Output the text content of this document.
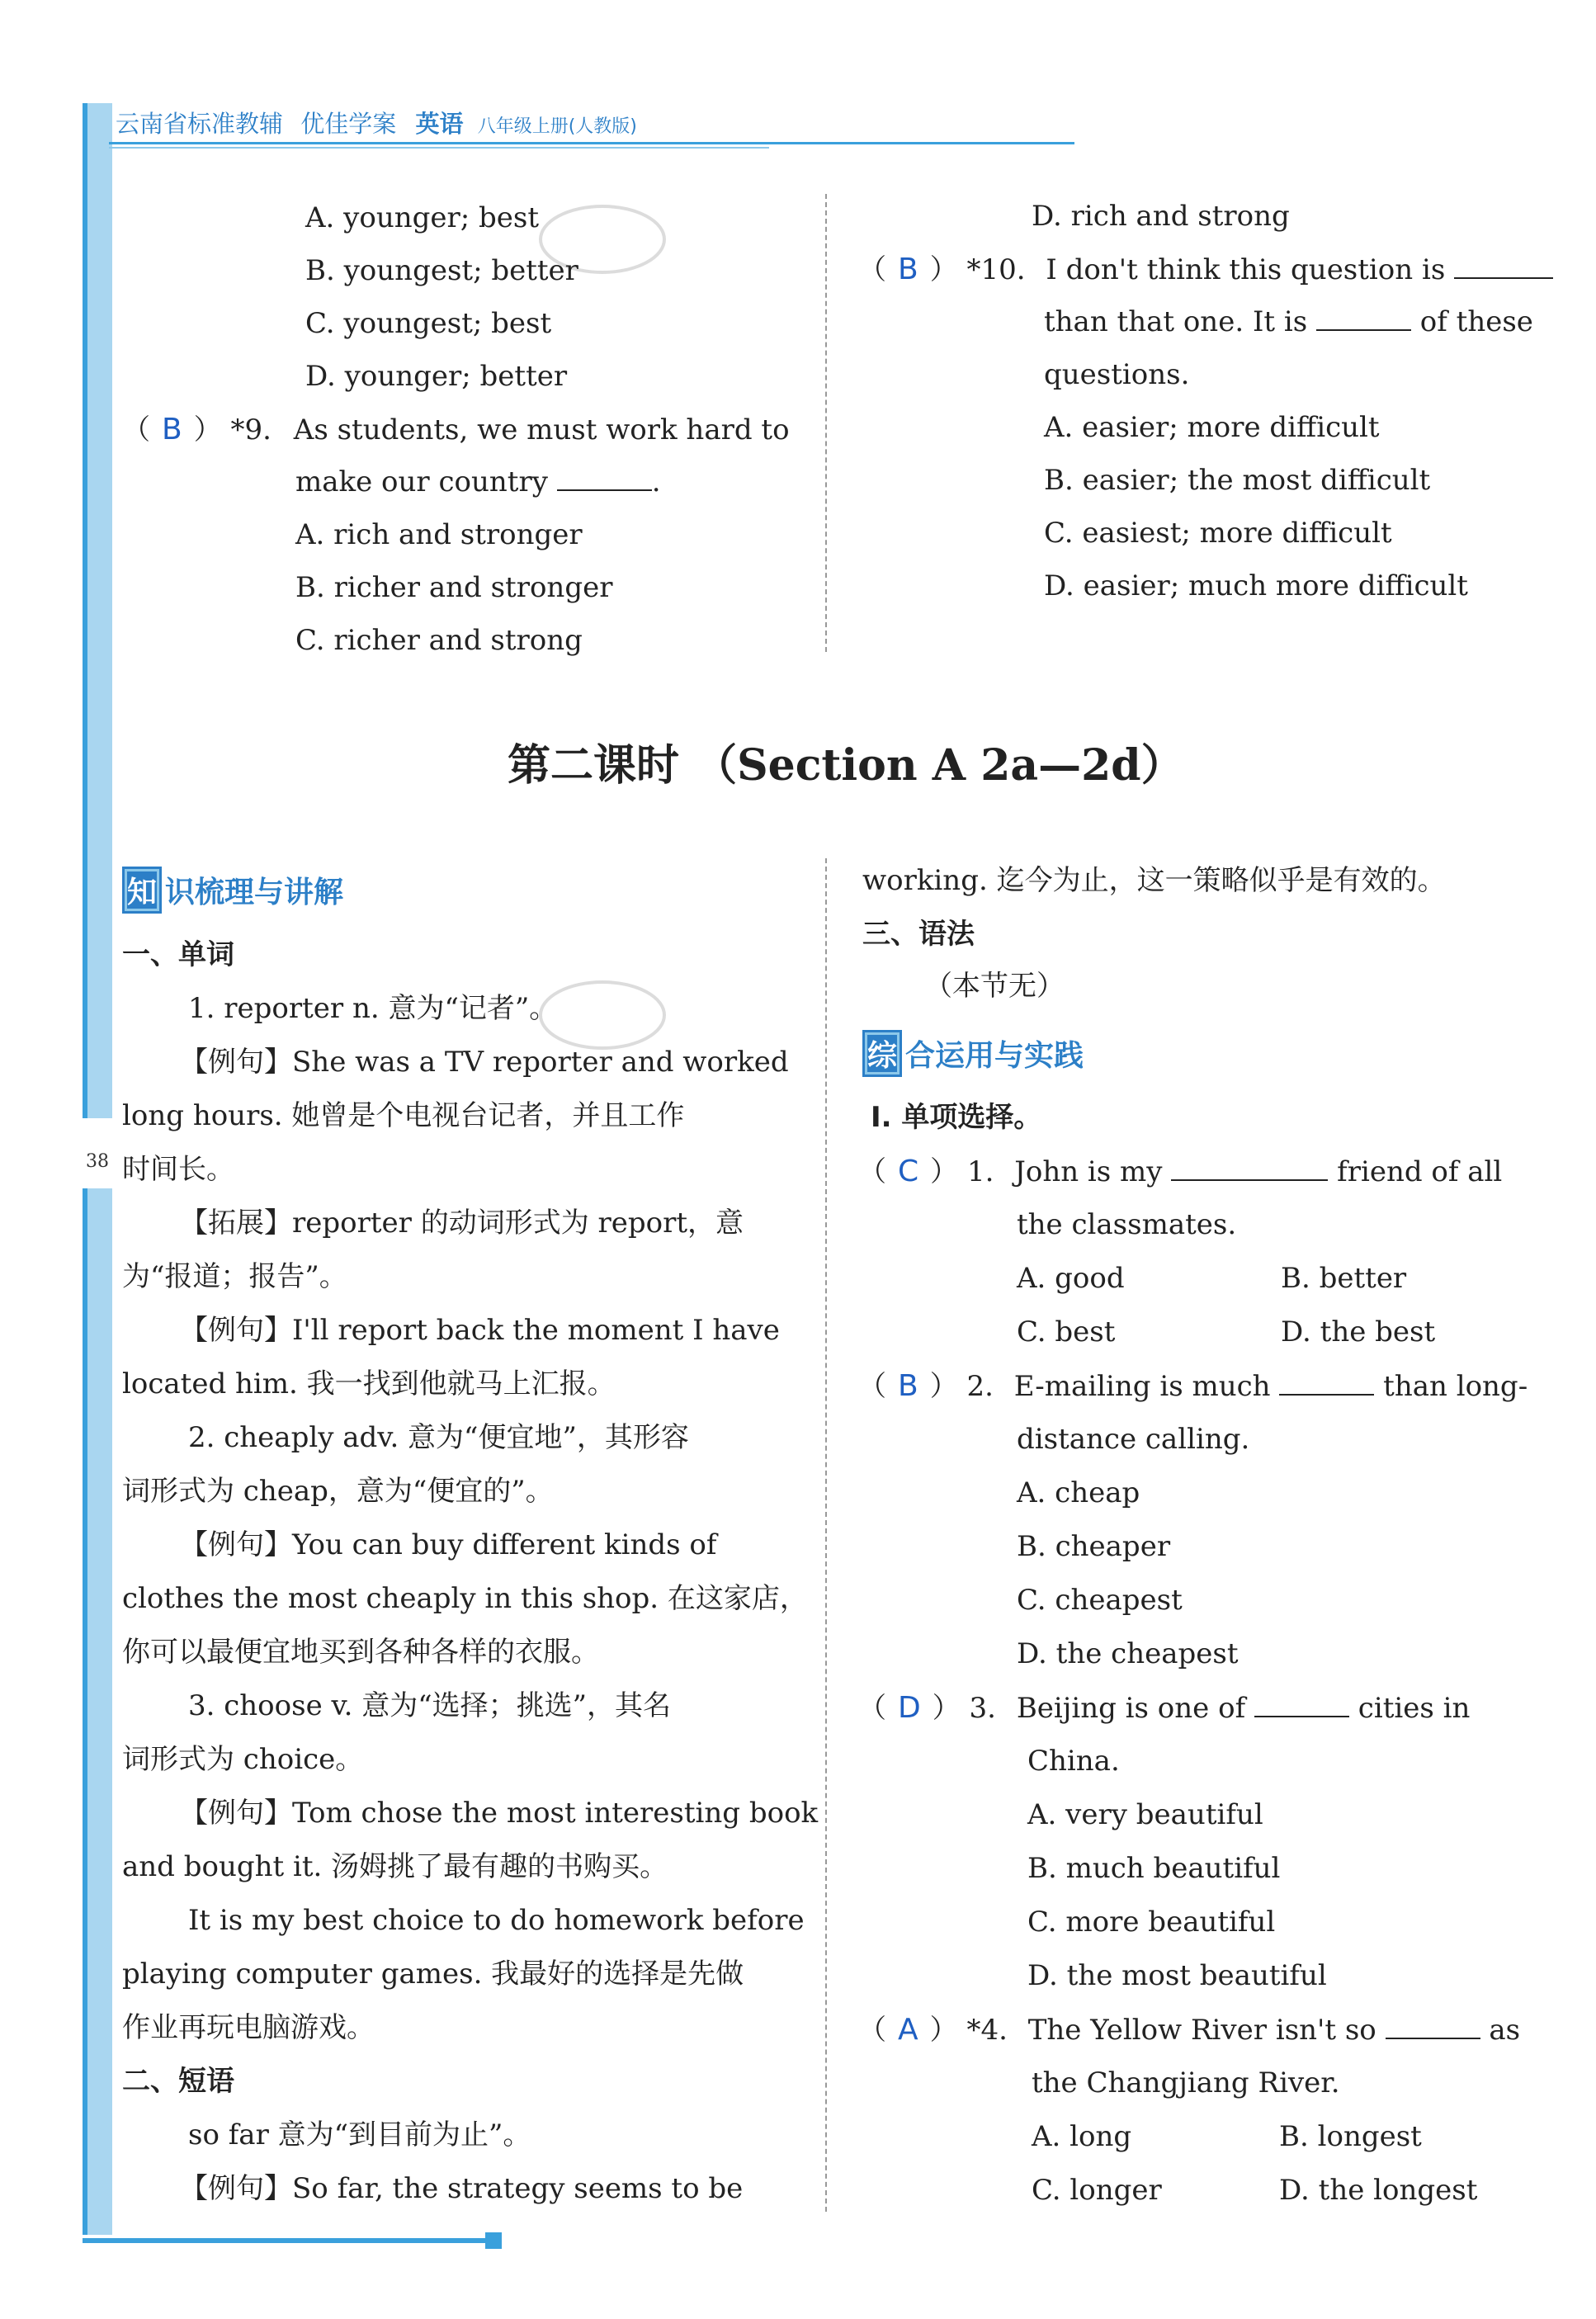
云南省标准教辅 优佳学案 英语 八年级上册(人教版)
38
A. younger; best
B. youngest; better
C. youngest; best
D. younger; better
（ B ） *9. As students, we must work hard to
make our country	.
A. rich and stronger
B. richer and stronger
C. richer and strong
D. rich and strong
（ B ） *10. I don't think this question is
than that one. It is	of these
questions.
A. easier; more difficult
B. easier; the most difficult
C. easiest; more difficult
D. easier; much more difficult
第二课时 （Section A 2a—2d）
知 识梳理与讲解
一、单词
1. reporter n. 意为“记者”。
【例句】She was a TV reporter and worked
long hours. 她曾是个电视台记者，并且工作
时间长。
【拓展】reporter 的动词形式为 report，意
为“报道；报告”。
【例句】I'll report back the moment I have
located him. 我一找到他就马上汇报。
2. cheaply adv. 意为“便宜地”，其形容
词形式为 cheap，意为“便宜的”。
【例句】You can buy different kinds of
clothes the most cheaply in this shop. 在这家店，
你可以最便宜地买到各种各样的衣服。
3. choose v. 意为“选择；挑选”，其名
词形式为 choice。
【例句】Tom chose the most interesting book
and bought it. 汤姆挑了最有趣的书购买。
It is my best choice to do homework before
playing computer games. 我最好的选择是先做
作业再玩电脑游戏。
二、短语
so far 意为“到目前为止”。
【例句】So far, the strategy seems to be
working. 迄今为止，这一策略似乎是有效的。
三、语法
（本节无）
综 合运用与实践
Ⅰ. 单项选择。
（ C ） 1. John is my	friend of all
the classmates.
A. good	B. better
C. best	D. the best
（ B ） 2. E-mailing is much	than long-
distance calling.
A. cheap
B. cheaper
C. cheapest
D. the cheapest
（ D ） 3. Beijing is one of	cities in
China.
A. very beautiful
B. much beautiful
C. more beautiful
D. the most beautiful
（ A ） *4. The Yellow River isn't so	as
the Changjiang River.
A. long	B. longest
C. longer	D. the longest
